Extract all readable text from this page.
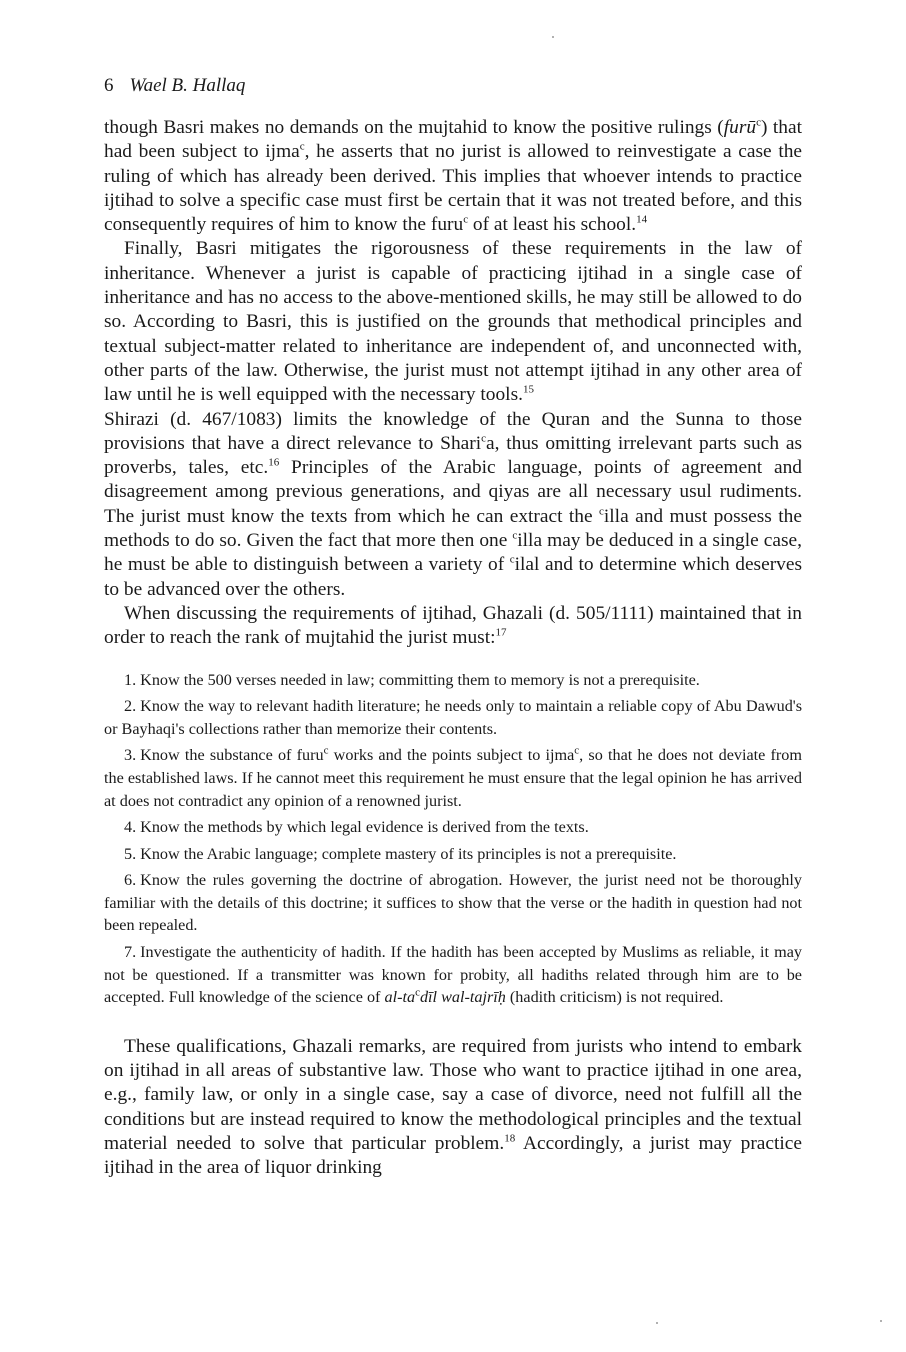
6 Wael B. Hallaq

though Basri makes no demands on the mujtahid to know the positive rulings (furū$^c$) that had been subject to ijma$^c$, he asserts that no jurist is allowed to reinvestigate a case the ruling of which has already been derived. This implies that whoever intends to practice ijtihad to solve a specific case must first be certain that it was not treated before, and this consequently requires of him to know the furu$^c$ of at least his school.$^{14}$

Finally, Basri mitigates the rigorousness of these requirements in the law of inheritance. Whenever a jurist is capable of practicing ijtihad in a single case of inheritance and has no access to the above-mentioned skills, he may still be allowed to do so. According to Basri, this is justified on the grounds that methodical principles and textual subject-matter related to inheritance are independent of, and unconnected with, other parts of the law. Otherwise, the jurist must not attempt ijtihad in any other area of law until he is well equipped with the necessary tools.$^{15}$

Shirazi (d. 467/1083) limits the knowledge of the Quran and the Sunna to those provisions that have a direct relevance to Shari$^c$a, thus omitting irrelevant parts such as proverbs, tales, etc.$^{16}$ Principles of the Arabic language, points of agreement and disagreement among previous generations, and qiyas are all necessary usul rudiments. The jurist must know the texts from which he can extract the $^c$illa and must possess the methods to do so. Given the fact that more then one $^c$illa may be deduced in a single case, he must be able to distinguish between a variety of $^c$ilal and to determine which deserves to be advanced over the others.

When discussing the requirements of ijtihad, Ghazali (d. 505/1111) maintained that in order to reach the rank of mujtahid the jurist must:$^{17}$

1. Know the 500 verses needed in law; committing them to memory is not a prerequisite.

2. Know the way to relevant hadith literature; he needs only to maintain a reliable copy of Abu Dawud's or Bayhaqi's collections rather than memorize their contents.

3. Know the substance of furu$^c$ works and the points subject to ijma$^c$, so that he does not deviate from the established laws. If he cannot meet this requirement he must ensure that the legal opinion he has arrived at does not contradict any opinion of a renowned jurist.

4. Know the methods by which legal evidence is derived from the texts.

5. Know the Arabic language; complete mastery of its principles is not a prerequisite.

6. Know the rules governing the doctrine of abrogation. However, the jurist need not be thoroughly familiar with the details of this doctrine; it suffices to show that the verse or the hadith in question had not been repealed.

7. Investigate the authenticity of hadith. If the hadith has been accepted by Muslims as reliable, it may not be questioned. If a transmitter was known for probity, all hadiths related through him are to be accepted. Full knowledge of the science of $al-ta^cdīl$ wal-tajrīḥ (hadith criticism) is not required.

These qualifications, Ghazali remarks, are required from jurists who intend to embark on ijtihad in all areas of substantive law. Those who want to practice ijtihad in one area, e.g., family law, or only in a single case, say a case of divorce, need not fulfill all the conditions but are instead required to know the methodological principles and the textual material needed to solve that particular problem.$^{18}$ Accordingly, a jurist may practice ijtihad in the area of liquor drinking
